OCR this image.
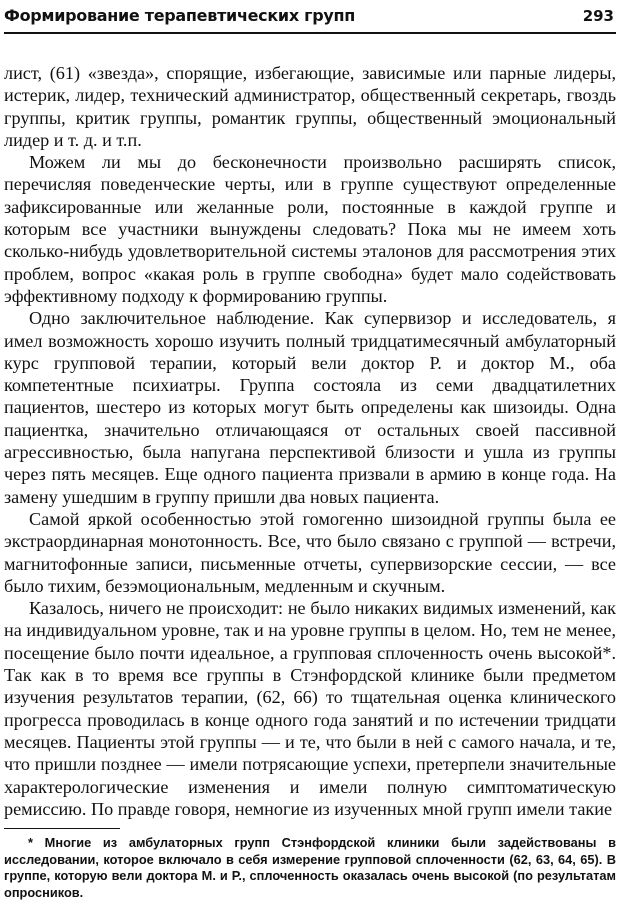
Формирование терапевтических групп	293

лист, (61) «звезда», спорящие, избегающие, зависимые или парные лидеры, истерик, лидер, технический администратор, общественный секретарь, гвоздь группы, критик группы, романтик группы, общественный эмоциональный лидер и т. д. и т.п.

Можем ли мы до бесконечности произвольно расширять список, перечисляя поведенческие черты, или в группе существуют определенные зафиксированные или желанные роли, постоянные в каждой группе и которым все участники вынуждены следовать? Пока мы не имеем хоть сколько-нибудь удовлетворительной системы эталонов для рассмотрения этих проблем, вопрос «какая роль в группе свободна» будет мало содействовать эффективному подходу к формированию группы.

Одно заключительное наблюдение. Как супервизор и исследователь, я имел возможность хорошо изучить полный тридцатимесячный амбулаторный курс групповой терапии, который вели доктор Р. и доктор М., оба компетентные психиатры. Группа состояла из семи двадцатилетних пациентов, шестеро из которых могут быть определены как шизоиды. Одна пациентка, значительно отличающаяся от остальных своей пассивной агрессивностью, была напугана перспективой близости и ушла из группы через пять месяцев. Еще одного пациента призвали в армию в конце года. На замену ушедшим в группу пришли два новых пациента.

Самой яркой особенностью этой гомогенно шизоидной группы была ее экстраординарная монотонность. Все, что было связано с группой — встречи, магнитофонные записи, письменные отчеты, супервизорские сессии, — все было тихим, безэмоциональным, медленным и скучным.

Казалось, ничего не происходит: не было никаких видимых изменений, как на индивидуальном уровне, так и на уровне группы в целом. Но, тем не менее, посещение было почти идеальное, а групповая сплоченность очень высокой*. Так как в то время все группы в Стэнфордской клинике были предметом изучения результатов терапии, (62, 66) то тщательная оценка клинического прогресса проводилась в конце одного года занятий и по истечении тридцати месяцев. Пациенты этой группы — и те, что были в ней с самого начала, и те, что пришли позднее — имели потрясающие успехи, претерпели значительные характерологические изменения и имели полную симптоматическую ремиссию. По правде говоря, немногие из изученных мной групп имели такие

* Многие из амбулаторных групп Стэнфордской клиники были задействованы в исследовании, которое включало в себя измерение групповой сплоченности (62, 63, 64, 65). В группе, которую вели доктора М. и Р., сплоченность оказалась очень высокой (по результатам опросников.
